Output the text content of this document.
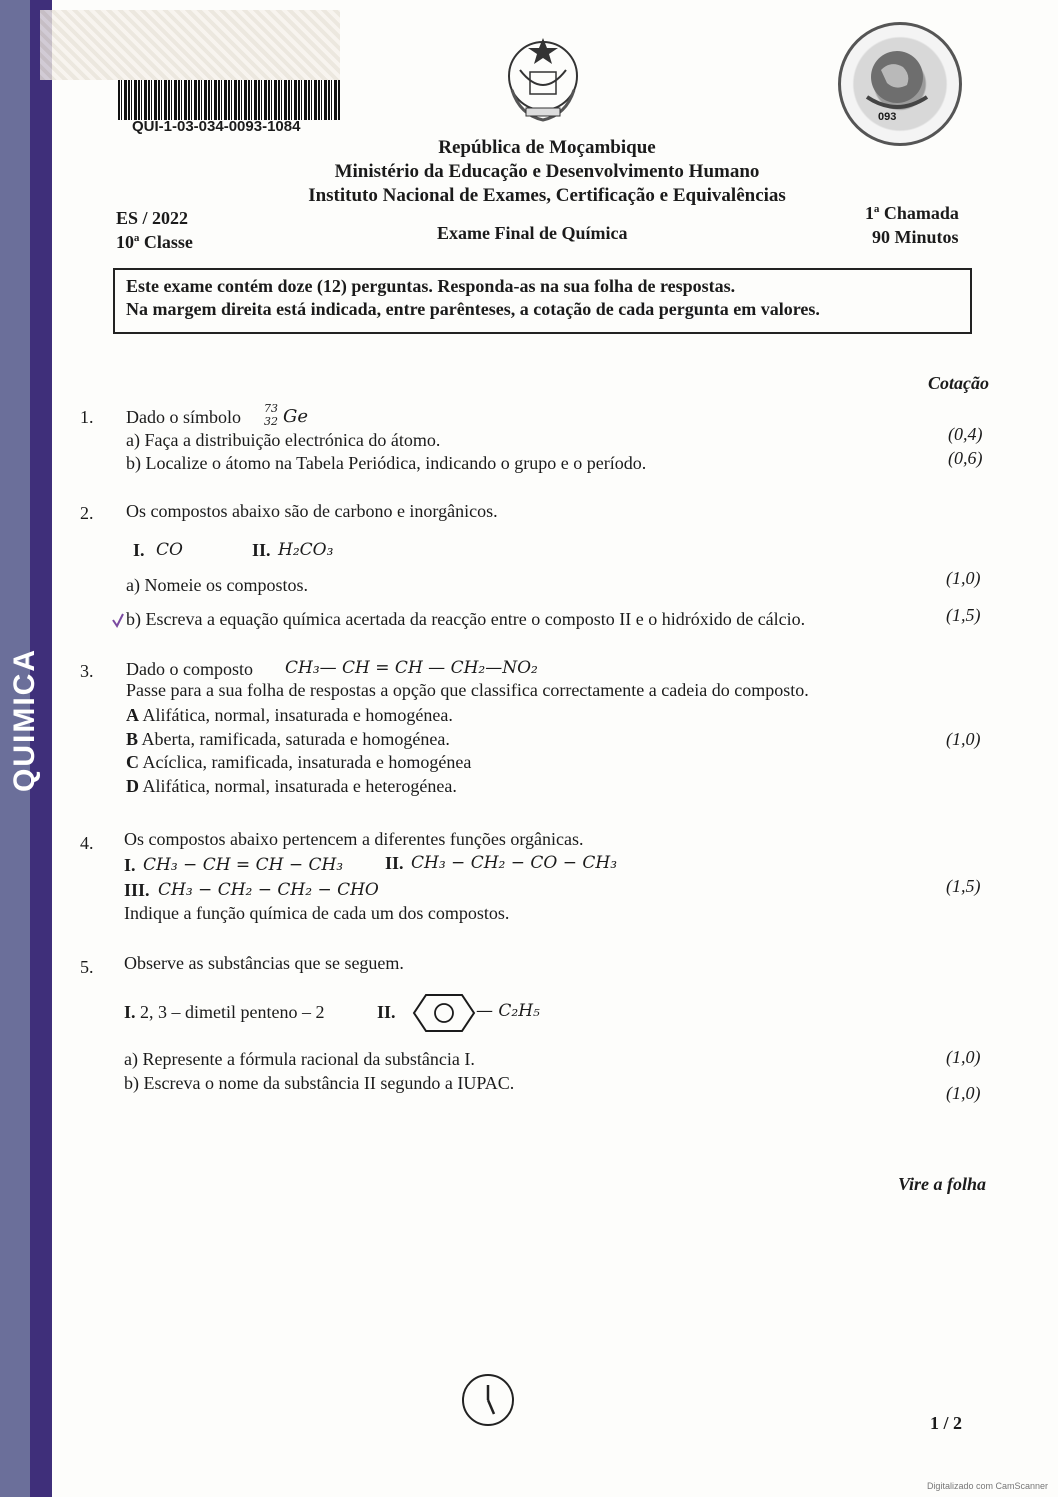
QUIMICA
QUI-1-03-034-0093-1084
093
República de Moçambique
Ministério da Educação e Desenvolvimento Humano
Instituto Nacional de Exames, Certificação e Equivalências
ES / 2022
10ª Classe	Exame Final de Química
1ª Chamada
90 Minutos
Este exame contém doze (12) perguntas. Responda-as na sua folha de respostas.
Na margem direita está indicada, entre parênteses, a cotação de cada pergunta em valores.
Cotação
1. Dado o símbolo 73
32 Ge
a) Faça a distribuição electrónica do átomo.	(0,4)
b) Localize o átomo na Tabela Periódica, indicando o grupo e o período.	(0,6)
2. Os compostos abaixo são de carbono e inorgânicos.
I. CO	II. H₂CO₃
a) Nomeie os compostos.	(1,0)
b) Escreva a equação química acertada da reacção entre o composto II e o hidróxido de cálcio.	(1,5)
3. Dado o composto CH₃— CH = CH — CH₂—NO₂
Passe para a sua folha de respostas a opção que classifica correctamente a cadeia do composto.
A Alifática, normal, insaturada e homogénea.
B Aberta, ramificada, saturada e homogénea.
C Acíclica, ramificada, insaturada e homogénea
D Alifática, normal, insaturada e heterogénea.
(1,0)
4. Os compostos abaixo pertencem a diferentes funções orgânicas.
I. CH₃ − CH = CH − CH₃ II. CH₃ − CH₂ − CO − CH₃
III. CH₃ − CH₂ − CH₂ − CHO
Indique a função química de cada um dos compostos.
(1,5)
5. Observe as substâncias que se seguem.
I. 2, 3 – dimetil penteno – 2	II.	— C₂H₅
a) Represente a fórmula racional da substância I.	(1,0)
b) Escreva o nome da substância II segundo a IUPAC.	(1,0)
Vire a folha
1 / 2
Digitalizado com CamScanner
